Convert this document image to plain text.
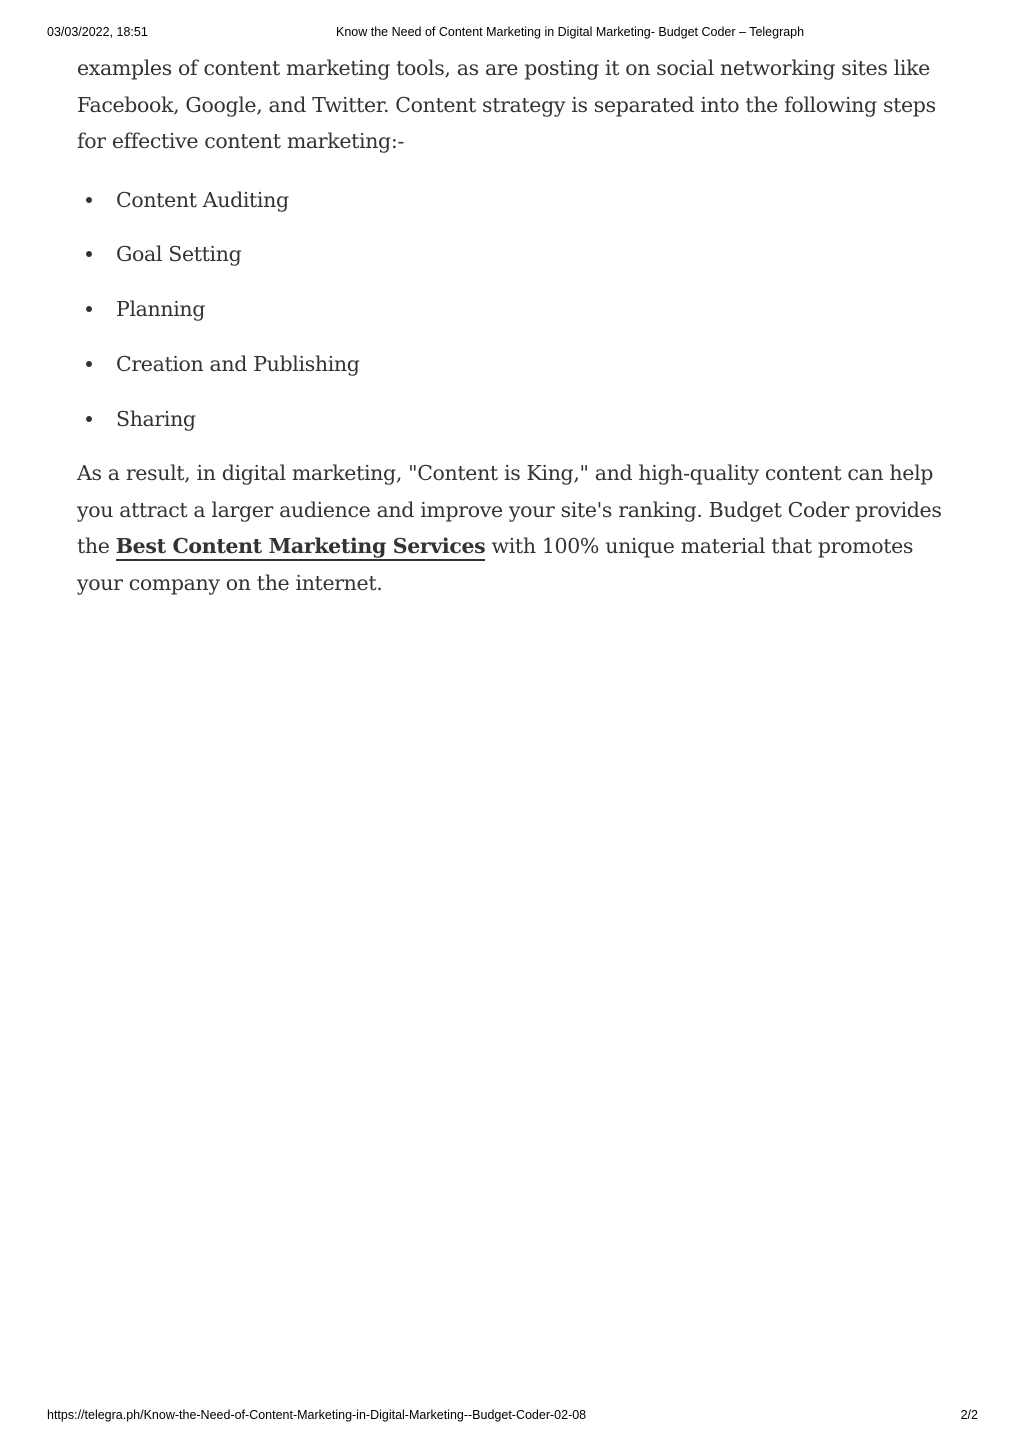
03/03/2022, 18:51	Know the Need of Content Marketing in Digital Marketing- Budget Coder – Telegraph

examples of content marketing tools, as are posting it on social networking sites like Facebook, Google, and Twitter. Content strategy is separated into the following steps for effective content marketing:-

Content Auditing
Goal Setting
Planning
Creation and Publishing
Sharing

As a result, in digital marketing, "Content is King," and high-quality content can help you attract a larger audience and improve your site's ranking. Budget Coder provides the Best Content Marketing Services with 100% unique material that promotes your company on the internet.

https://telegra.ph/Know-the-Need-of-Content-Marketing-in-Digital-Marketing--Budget-Coder-02-08	2/2
